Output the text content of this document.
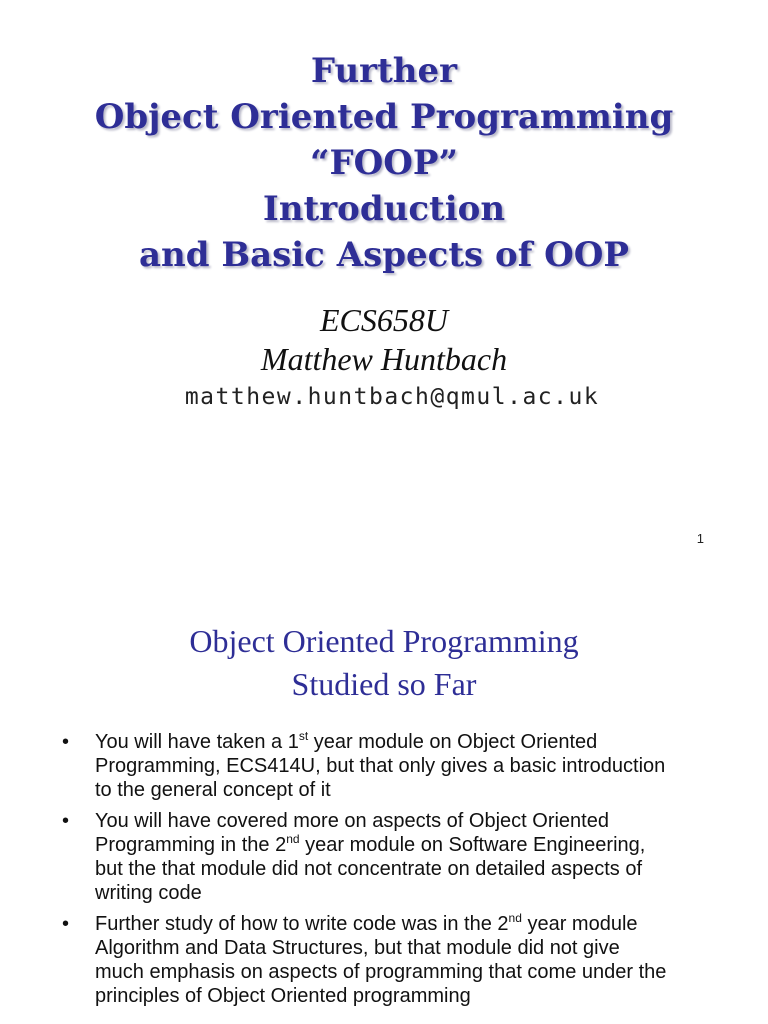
Further
Object Oriented Programming
“FOOP”
Introduction
and Basic Aspects of OOP
ECS658U
Matthew Huntbach
matthew.huntbach@qmul.ac.uk
1
Object Oriented Programming
Studied so Far
• You will have taken a 1st year module on Object Oriented
Programming, ECS414U, but that only gives a basic introduction
to the general concept of it
• You will have covered more on aspects of Object Oriented
Programming in the 2nd year module on Software Engineering,
but the that module did not concentrate on detailed aspects of
writing code
• Further study of how to write code was in the 2nd year module
Algorithm and Data Structures, but that module did not give
much emphasis on aspects of programming that come under the
principles of Object Oriented programming
